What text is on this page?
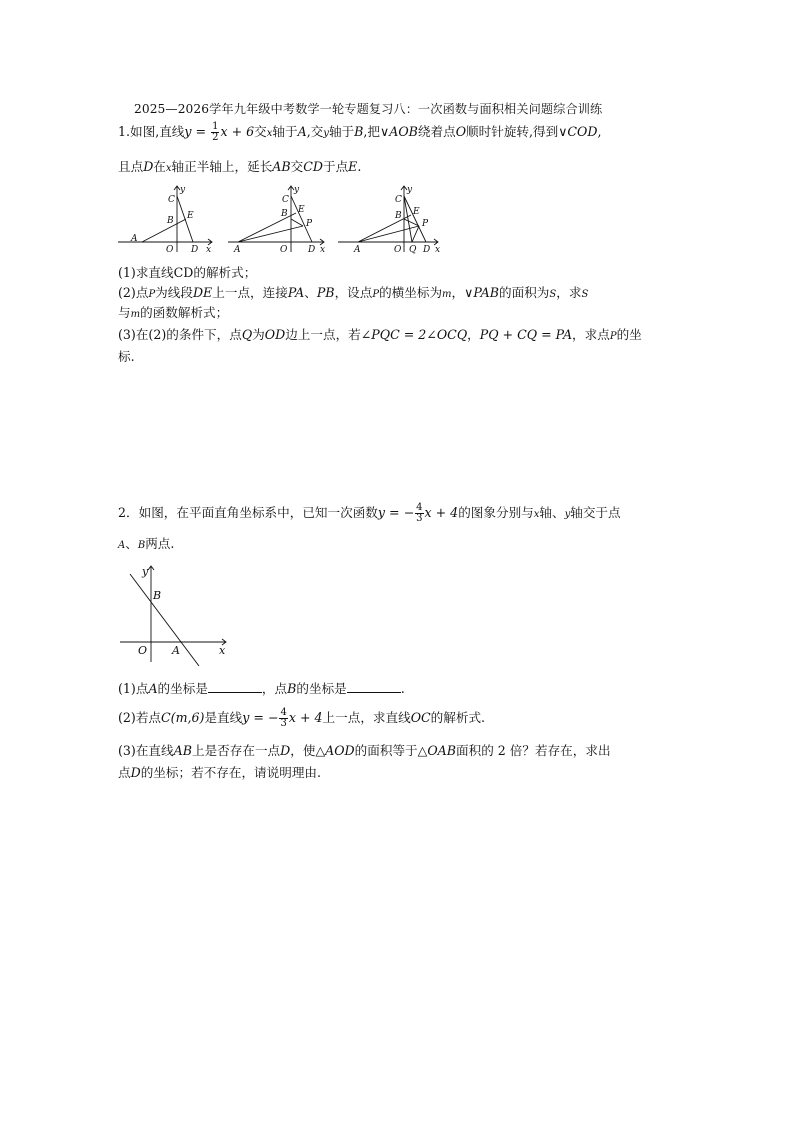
2025—2026学年九年级中考数学一轮专题复习八：一次函数与面积相关问题综合训练
1.如图,直线$y = \frac{1}{2}$ x + 6交x轴于A,交y轴于B,把∨AOB绕着点O顺时针旋转,得到∨COD,
且点D在x轴正半轴上，延长AB交CD于点E.
y
x
C
B E
A
O D
y
x
C
B E
P
A	O D
y
x
C
B E
P
A	O Q D
(1)求直线CD的解析式；
(2)点P为线段DE上一点，连接PA、PB，设点P的横坐标为m，∨PAB的面积为S，求S
与m的函数解析式；
(3)在(2)的条件下，点Q为OD边上一点，若∠PQC = 2∠OCQ，PQ + CQ = PA，求点P的坐
标.
2．如图，在平面直角坐标系中，已知一次函数y = − $\frac{4}{3}$ x + 4的图象分别与x轴、y轴交于点
A、B两点.
y
x
B
O A
(1)点A的坐标是	，点B的坐标是	.
(2)若点C(m,6)是直线y = − $\frac{4}{3}$ x + 4上一点，求直线OC的解析式.
(3)在直线AB上是否存在一点D，使△AOD的面积等于△OAB面积的 2 倍？若存在，求出
点D的坐标；若不存在，请说明理由.
